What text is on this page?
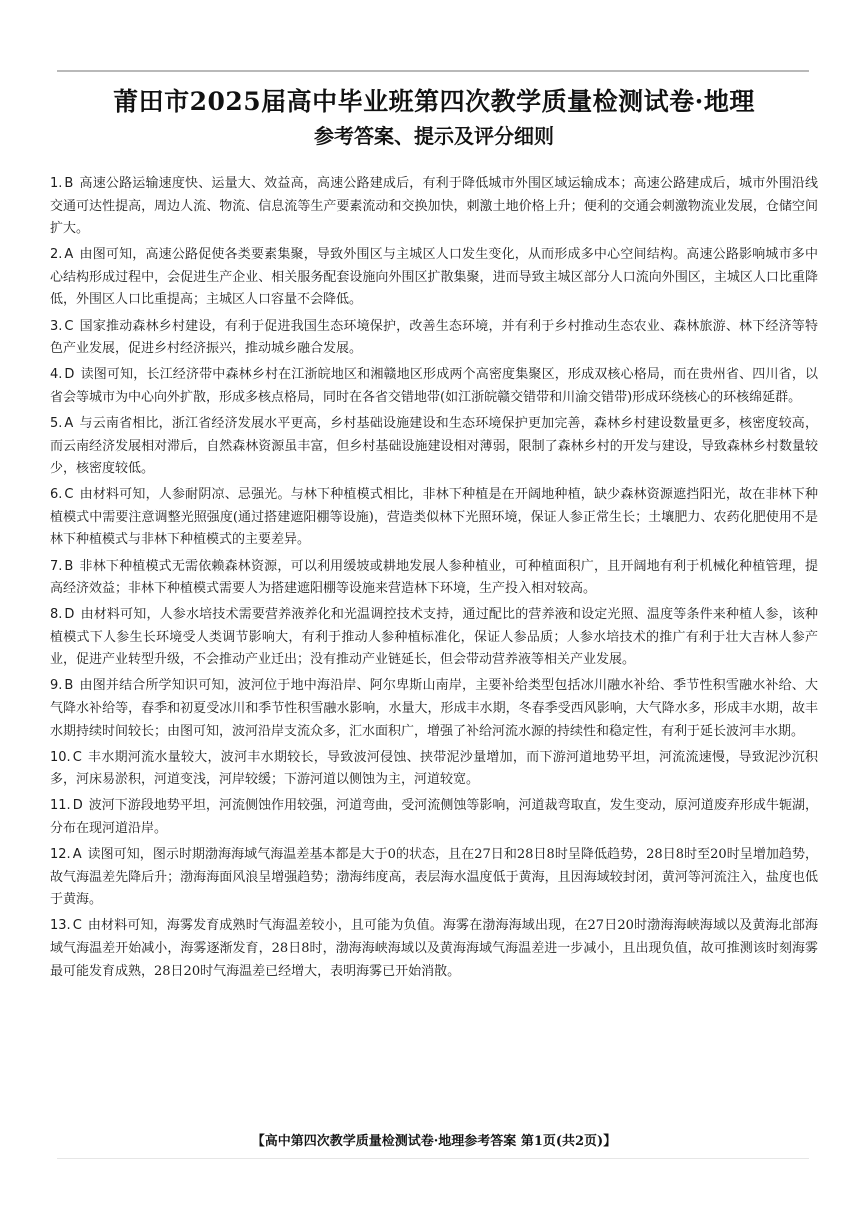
莆田市2025届高中毕业班第四次教学质量检测试卷·地理
参考答案、提示及评分细则
1. B 高速公路运输速度快、运量大、效益高，高速公路建成后，有利于降低城市外围区域运输成本；高速公路建成后，城市外围沿线交通可达性提高，周边人流、物流、信息流等生产要素流动和交换加快，刺激土地价格上升；便利的交通会刺激物流业发展，仓储空间扩大。
2. A 由图可知，高速公路促使各类要素集聚，导致外围区与主城区人口发生变化，从而形成多中心空间结构。高速公路影响城市多中心结构形成过程中，会促进生产企业、相关服务配套设施向外围区扩散集聚，进而导致主城区部分人口流向外围区，主城区人口比重降低，外围区人口比重提高；主城区人口容量不会降低。
3. C 国家推动森林乡村建设，有利于促进我国生态环境保护，改善生态环境，并有利于乡村推动生态农业、森林旅游、林下经济等特色产业发展，促进乡村经济振兴，推动城乡融合发展。
4. D 读图可知，长江经济带中森林乡村在江浙皖地区和湘赣地区形成两个高密度集聚区，形成双核心格局，而在贵州省、四川省，以省会等城市为中心向外扩散，形成多核点格局，同时在各省交错地带(如江浙皖赣交错带和川渝交错带)形成环绕核心的环核绵延群。
5. A 与云南省相比，浙江省经济发展水平更高，乡村基础设施建设和生态环境保护更加完善，森林乡村建设数量更多，核密度较高，而云南经济发展相对滞后，自然森林资源虽丰富，但乡村基础设施建设相对薄弱，限制了森林乡村的开发与建设，导致森林乡村数量较少，核密度较低。
6. C 由材料可知，人参耐阴凉、忌强光。与林下种植模式相比，非林下种植是在开阔地种植，缺少森林资源遮挡阳光，故在非林下种植模式中需要注意调整光照强度(通过搭建遮阳棚等设施)，营造类似林下光照环境，保证人参正常生长；土壤肥力、农药化肥使用不是林下种植模式与非林下种植模式的主要差异。
7. B 非林下种植模式无需依赖森林资源，可以利用缓坡或耕地发展人参种植业，可种植面积广，且开阔地有利于机械化种植管理，提高经济效益；非林下种植模式需要人为搭建遮阳棚等设施来营造林下环境，生产投入相对较高。
8. D 由材料可知，人参水培技术需要营养液养化和光温调控技术支持，通过配比的营养液和设定光照、温度等条件来种植人参，该种植模式下人参生长环境受人类调节影响大，有利于推动人参种植标准化，保证人参品质；人参水培技术的推广有利于壮大吉林人参产业，促进产业转型升级，不会推动产业迁出；没有推动产业链延长，但会带动营养液等相关产业发展。
9. B 由图并结合所学知识可知，波河位于地中海沿岸、阿尔卑斯山南岸，主要补给类型包括冰川融水补给、季节性积雪融水补给、大气降水补给等，春季和初夏受冰川和季节性积雪融水影响，水量大，形成丰水期，冬春季受西风影响，大气降水多，形成丰水期，故丰水期持续时间较长；由图可知，波河沿岸支流众多，汇水面积广，增强了补给河流水源的持续性和稳定性，有利于延长波河丰水期。
10. C 丰水期河流水量较大，波河丰水期较长，导致波河侵蚀、挟带泥沙量增加，而下游河道地势平坦，河流流速慢，导致泥沙沉积多，河床易淤积，河道变浅，河岸较缓；下游河道以侧蚀为主，河道较宽。
11. D 波河下游段地势平坦，河流侧蚀作用较强，河道弯曲，受河流侧蚀等影响，河道裁弯取直，发生变动，原河道废弃形成牛轭湖，分布在现河道沿岸。
12. A 读图可知，图示时期渤海海域气海温差基本都是大于0的状态，且在27日和28日8时呈降低趋势，28日8时至20时呈增加趋势，故气海温差先降后升；渤海海面风浪呈增强趋势；渤海纬度高，表层海水温度低于黄海，且因海域较封闭，黄河等河流注入，盐度也低于黄海。
13. C 由材料可知，海雾发育成熟时气海温差较小，且可能为负值。海雾在渤海海域出现，在27日20时渤海海峡海域以及黄海北部海域气海温差开始减小，海雾逐渐发育，28日8时，渤海海峡海域以及黄海海域气海温差进一步减小，且出现负值，故可推测该时刻海雾最可能发育成熟，28日20时气海温差已经增大，表明海雾已开始消散。
【高中第四次教学质量检测试卷·地理参考答案 第1页(共2页)】
